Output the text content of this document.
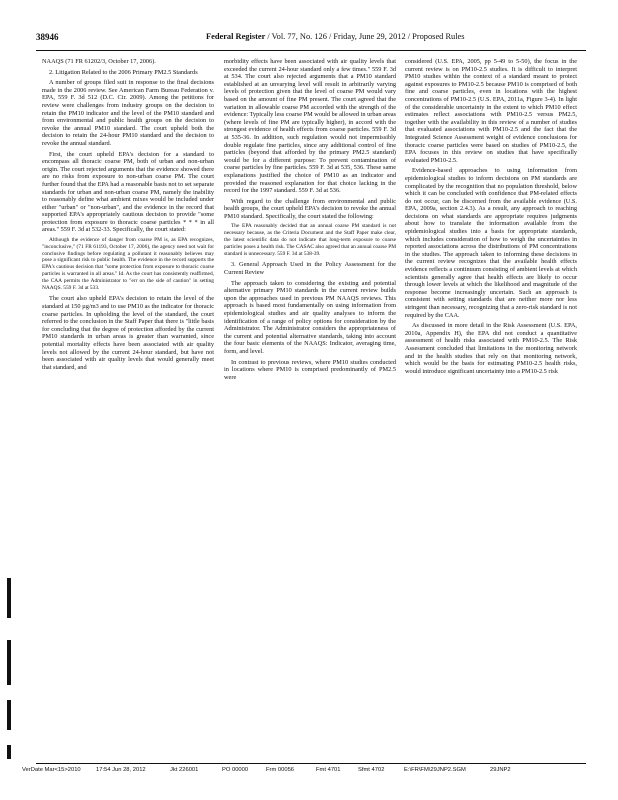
38946	Federal Register / Vol. 77, No. 126 / Friday, June 29, 2012 / Proposed Rules

NAAQS (71 FR 61202/3, October 17, 2006).

2. Litigation Related to the 2006 Primary PM2.5 Standards

A number of groups filed suit in response to the final decisions made in the 2006 review. See American Farm Bureau Federation v. EPA, 559 F. 3d 512 (D.C. Cir. 2009). Among the petitions for review were challenges from industry groups on the decision to retain the PM10 indicator and the level of the PM10 standard and from environmental and public health groups on the decision to revoke the annual PM10 standard. The court upheld both the decision to retain the 24-hour PM10 standard and the decision to revoke the annual standard.

First, the court upheld EPA's decision for a standard to encompass all thoracic coarse PM, both of urban and non-urban origin. The court rejected arguments that the evidence showed there are no risks from exposure to non-urban coarse PM. The court further found that the EPA had a reasonable basis not to set separate standards for urban and non-urban coarse PM, namely the inability to reasonably define what ambient mixes would be included under either "urban" or "non-urban", and the evidence in the record that supported EPA's appropriately cautious decision to provide "some protection from exposure to thoracic coarse particles * * * in all areas." 559 F. 3d at 532-33. Specifically, the court stated:

Although the evidence of danger from coarse PM is, as EPA recognizes, "inconclusive," (71 FR 61193, October 17, 2006), the agency need not wait for conclusive findings before regulating a pollutant it reasonably believes may pose a significant risk to public health. The evidence in the record supports the EPA's cautious decision that "some protection from exposure to thoracic coarse particles is warranted in all areas." Id. As the court has consistently reaffirmed, the CAA permits the Administrator to "err on the side of caution" in setting NAAQS. 559 F. 3d at 533.

The court also upheld EPA's decision to retain the level of the standard at 150 µg/m3 and to use PM10 as the indicator for thoracic coarse particles. In upholding the level of the standard, the court referred to the conclusion in the Staff Paper that there is "little basis for concluding that the degree of protection afforded by the current PM10 standards in urban areas is greater than warranted, since potential mortality effects have been associated with air quality levels not allowed by the current 24-hour standard, but have not been associated with air quality levels that would generally meet that standard, and

morbidity effects have been associated with air quality levels that exceeded the current 24-hour standard only a few times." 559 F. 3d at 534. The court also rejected arguments that a PM10 standard established at an unvarying level will result in arbitrarily varying levels of protection given that the level of coarse PM would vary based on the amount of fine PM present. The court agreed that the variation in allowable coarse PM accorded with the strength of the evidence: Typically less coarse PM would be allowed in urban areas (where levels of fine PM are typically higher), in accord with the strongest evidence of health effects from coarse particles. 559 F. 3d at 535-36. In addition, such regulation would not impermissibly double regulate fine particles, since any additional control of fine particles (beyond that afforded by the primary PM2.5 standard) would be for a different purpose: To prevent contamination of coarse particles by fine particles. 559 F. 3d at 535, 536. These same explanations justified the choice of PM10 as an indicator and provided the reasoned explanation for that choice lacking in the record for the 1997 standard. 559 F. 3d at 536.

With regard to the challenge from environmental and public health groups, the court upheld EPA's decision to revoke the annual PM10 standard. Specifically, the court stated the following:

The EPA reasonably decided that an annual coarse PM standard is not necessary because, as the Criteria Document and the Staff Paper make clear, the latest scientific data do not indicate that long-term exposure to coarse particles poses a health risk. The CASAC also agreed that an annual coarse PM standard is unnecessary. 559 F. 3d at 538-39.

3. General Approach Used in the Policy Assessment for the Current Review

The approach taken to considering the existing and potential alternative primary PM10 standards in the current review builds upon the approaches used in previous PM NAAQS reviews. This approach is based most fundamentally on using information from epidemiological studies and air quality analyses to inform the identification of a range of policy options for consideration by the Administrator. The Administrator considers the appropriateness of the current and potential alternative standards, taking into account the four basic elements of the NAAQS: Indicator, averaging time, form, and level.

In contrast to previous reviews, where PM10 studies conducted in locations where PM10 is comprised predominantly of PM2.5 were

considered (U.S. EPA, 2005, pp 5-49 to 5-50), the focus in the current review is on PM10-2.5 studies. It is difficult to interpret PM10 studies within the context of a standard meant to protect against exposures to PM10-2.5 because PM10 is comprised of both fine and coarse particles, even in locations with the highest concentrations of PM10-2.5 (U.S. EPA, 2011a, Figure 3-4). In light of the considerable uncertainty in the extent to which PM10 effect estimates reflect associations with PM10-2.5 versus PM2.5, together with the availability in this review of a number of studies that evaluated associations with PM10-2.5 and the fact that the Integrated Science Assessment weight of evidence conclusions for thoracic coarse particles were based on studies of PM10-2.5, the EPA focuses in this review on studies that have specifically evaluated PM10-2.5.

Evidence-based approaches to using information from epidemiological studies to inform decisions on PM standards are complicated by the recognition that no population threshold, below which it can be concluded with confidence that PM-related effects do not occur, can be discerned from the available evidence (U.S. EPA, 2009a, section 2.4.3). As a result, any approach to reaching decisions on what standards are appropriate requires judgments about how to translate the information available from the epidemiological studies into a basis for appropriate standards, which includes consideration of how to weigh the uncertainties in reported associations across the distributions of PM concentrations in the studies. The approach taken to informing these decisions in the current review recognizes that the available health effects evidence reflects a continuum consisting of ambient levels at which scientists generally agree that health effects are likely to occur through lower levels at which the likelihood and magnitude of the response become increasingly uncertain. Such an approach is consistent with setting standards that are neither more nor less stringent than necessary, recognizing that a zero-risk standard is not required by the CAA.

As discussed in more detail in the Risk Assessment (U.S. EPA, 2010a, Appendix H), the EPA did not conduct a quantitative assessment of health risks associated with PM10-2.5. The Risk Assessment concluded that limitations in the monitoring network and in the health studies that rely on that monitoring network, which would be the basis for estimating PM10-2.5 health risks, would introduce significant uncertainty into a PM10-2.5 risk

VerDate Mar<15>2010	17:54 Jun 28, 2012	Jkt 226001	PO 00000	Frm 00056	Fmt 4701	Sfmt 4702	E:\FR\FM\29JNP2.SGM	29JNP2
